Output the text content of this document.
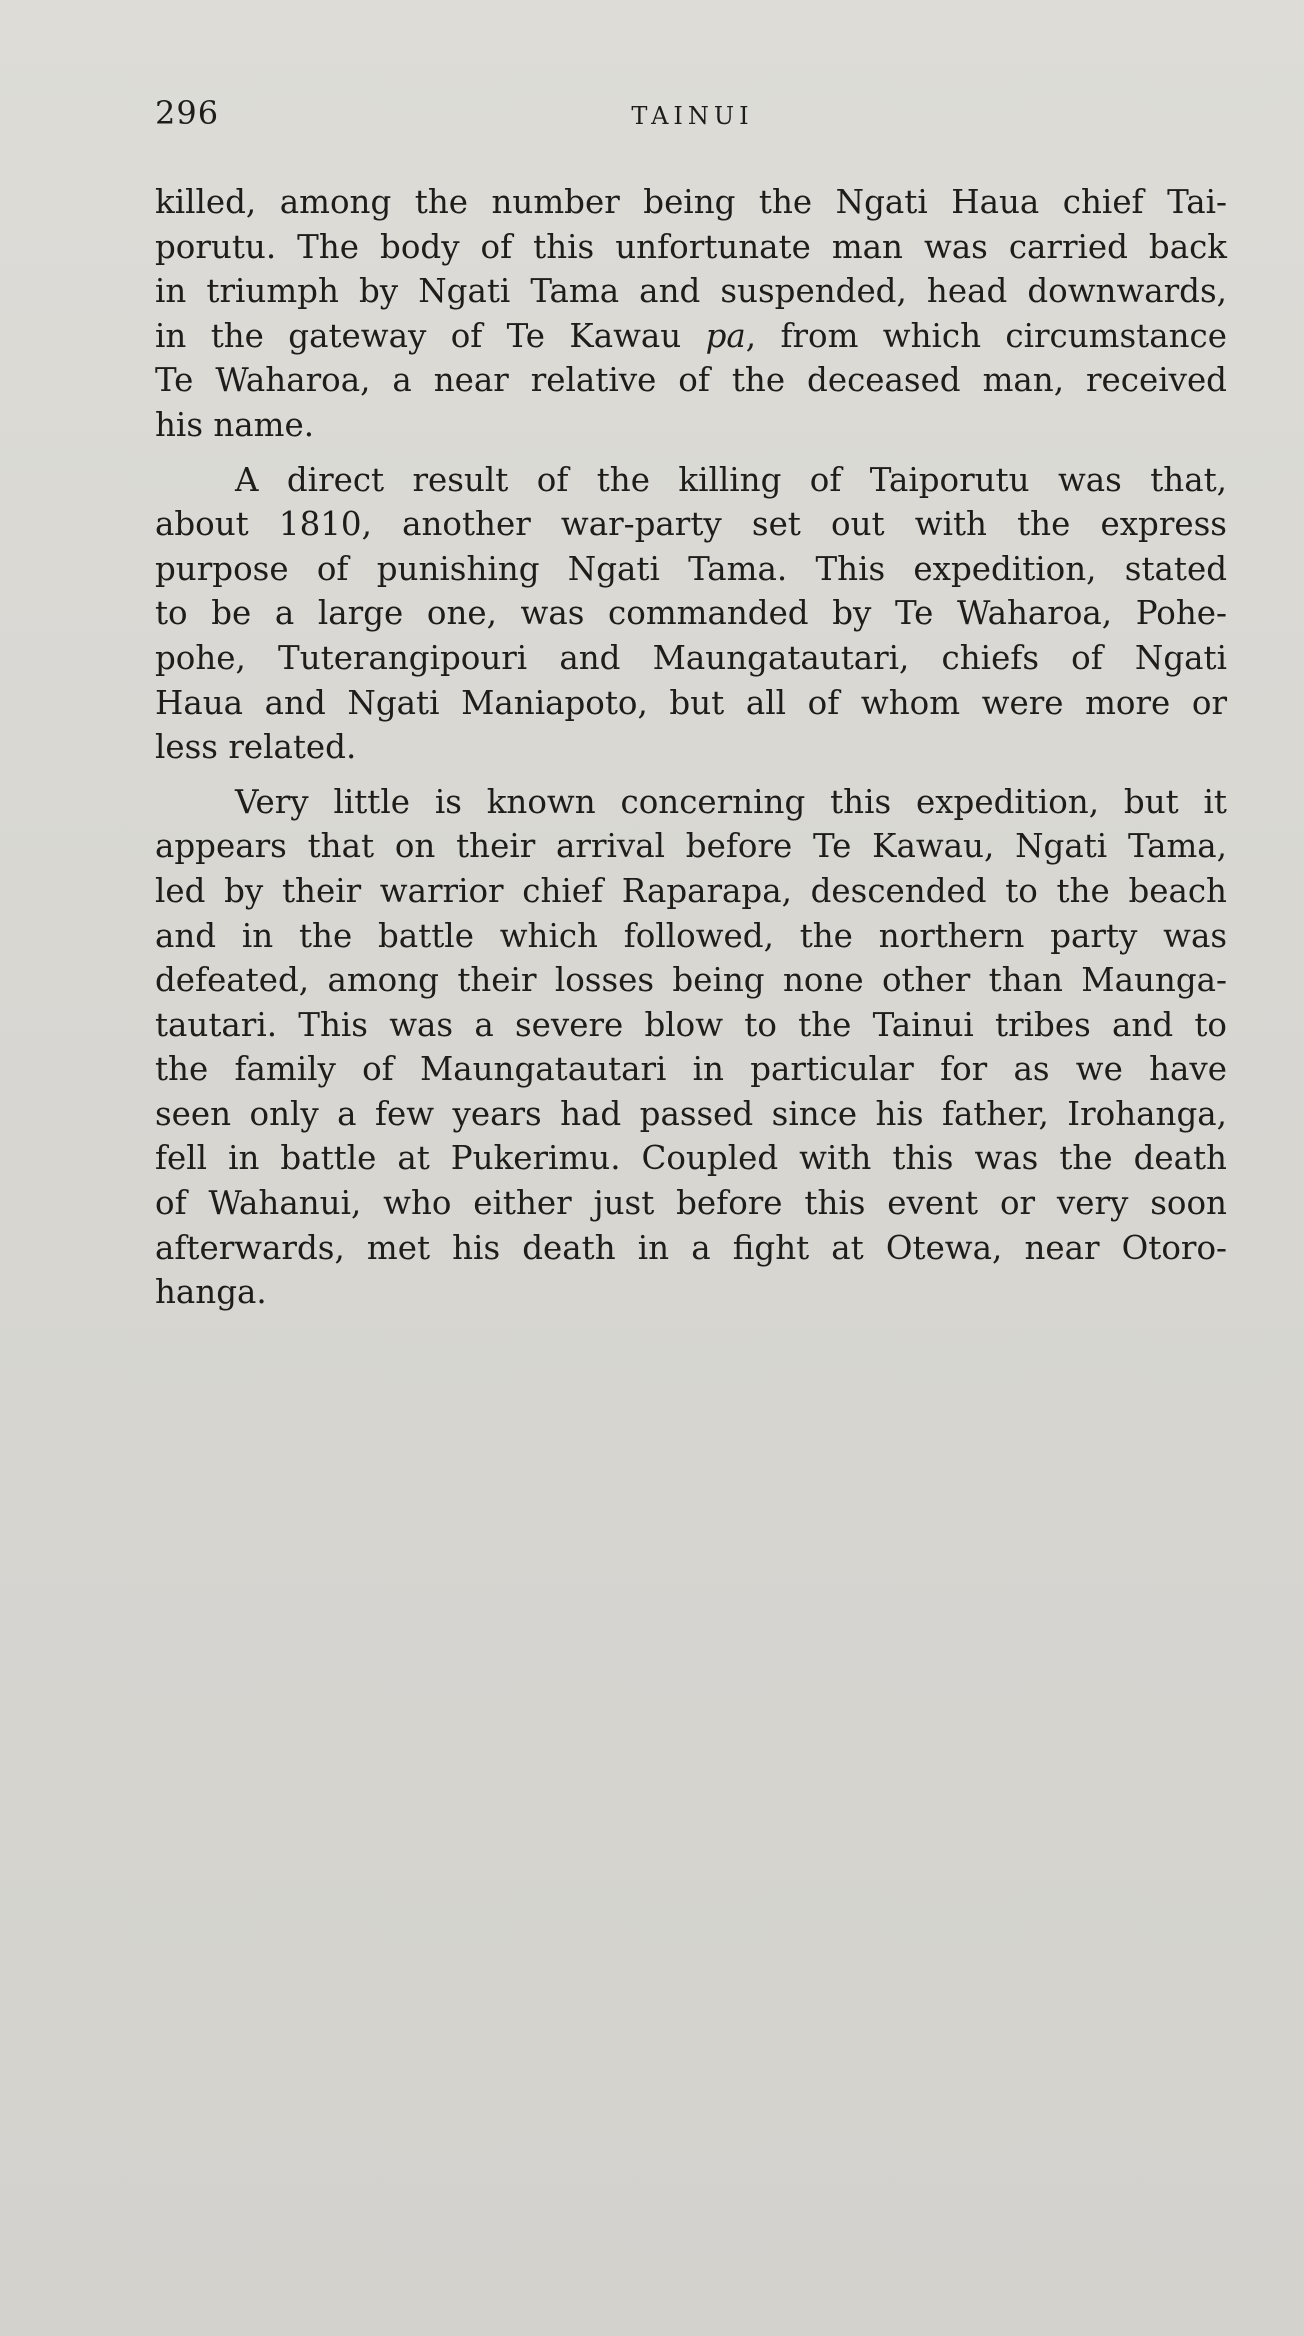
296	TAINUI

killed, among the number being the Ngati Haua chief Tai-
porutu. The body of this unfortunate man was carried back
in triumph by Ngati Tama and suspended, head downwards,
in the gateway of Te Kawau pa, from which circumstance
Te Waharoa, a near relative of the deceased man, received
his name.

A direct result of the killing of Taiporutu was that,
about 1810, another war-party set out with the express
purpose of punishing Ngati Tama. This expedition, stated
to be a large one, was commanded by Te Waharoa, Pohe-
pohe, Tuterangipouri and Maungatautari, chiefs of Ngati
Haua and Ngati Maniapoto, but all of whom were more or
less related.

Very little is known concerning this expedition, but it
appears that on their arrival before Te Kawau, Ngati Tama,
led by their warrior chief Raparapa, descended to the beach
and in the battle which followed, the northern party was
defeated, among their losses being none other than Maunga-
tautari. This was a severe blow to the Tainui tribes and to
the family of Maungatautari in particular for as we have
seen only a few years had passed since his father, Irohanga,
fell in battle at Pukerimu. Coupled with this was the death
of Wahanui, who either just before this event or very soon
afterwards, met his death in a fight at Otewa, near Otoro-
hanga.
